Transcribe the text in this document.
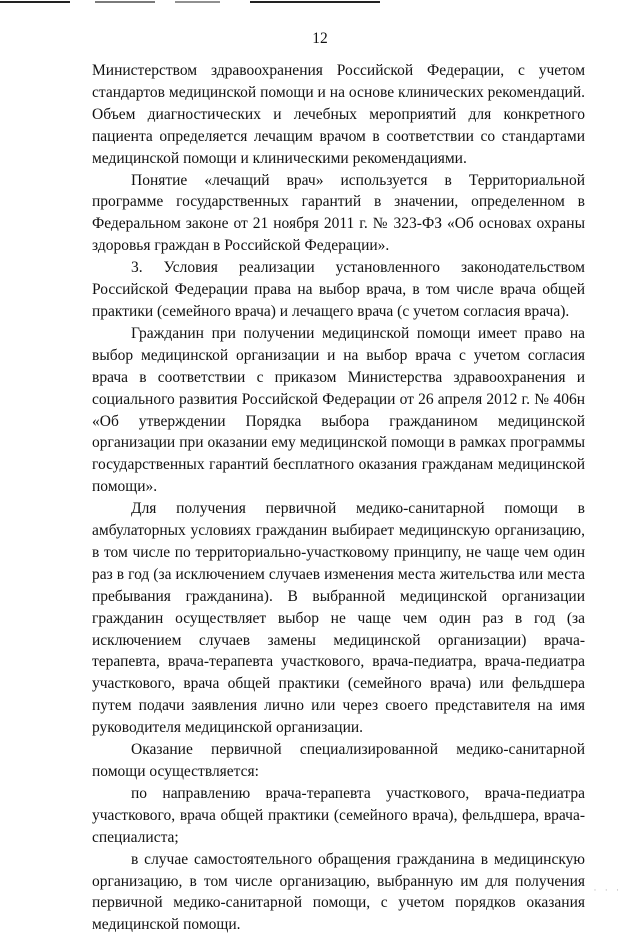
12

Министерством здравоохранения Российской Федерации, с учетом стандартов медицинской помощи и на основе клинических рекомендаций. Объем диагностических и лечебных мероприятий для конкретного пациента определяется лечащим врачом в соответствии со стандартами медицинской помощи и клиническими рекомендациями.

Понятие «лечащий врач» используется в Территориальной программе государственных гарантий в значении, определенном в Федеральном законе от 21 ноября 2011 г. № 323-ФЗ «Об основах охраны здоровья граждан в Российской Федерации».

3. Условия реализации установленного законодательством Российской Федерации права на выбор врача, в том числе врача общей практики (семейного врача) и лечащего врача (с учетом согласия врача).

Гражданин при получении медицинской помощи имеет право на выбор медицинской организации и на выбор врача с учетом согласия врача в соответствии с приказом Министерства здравоохранения и социального развития Российской Федерации от 26 апреля 2012 г. № 406н «Об утверждении Порядка выбора гражданином медицинской организации при оказании ему медицинской помощи в рамках программы государственных гарантий бесплатного оказания гражданам медицинской помощи».

Для получения первичной медико-санитарной помощи в амбулаторных условиях гражданин выбирает медицинскую организацию, в том числе по территориально-участковому принципу, не чаще чем один раз в год (за исключением случаев изменения места жительства или места пребывания гражданина). В выбранной медицинской организации гражданин осуществляет выбор не чаще чем один раз в год (за исключением случаев замены медицинской организации) врача-терапевта, врача-терапевта участкового, врача-педиатра, врача-педиатра участкового, врача общей практики (семейного врача) или фельдшера путем подачи заявления лично или через своего представителя на имя руководителя медицинской организации.

Оказание первичной специализированной медико-санитарной помощи осуществляется:

по направлению врача-терапевта участкового, врача-педиатра участкового, врача общей практики (семейного врача), фельдшера, врача-специалиста;

в случае самостоятельного обращения гражданина в медицинскую организацию, в том числе организацию, выбранную им для получения первичной медико-санитарной помощи, с учетом порядков оказания медицинской помощи.

· · ·
